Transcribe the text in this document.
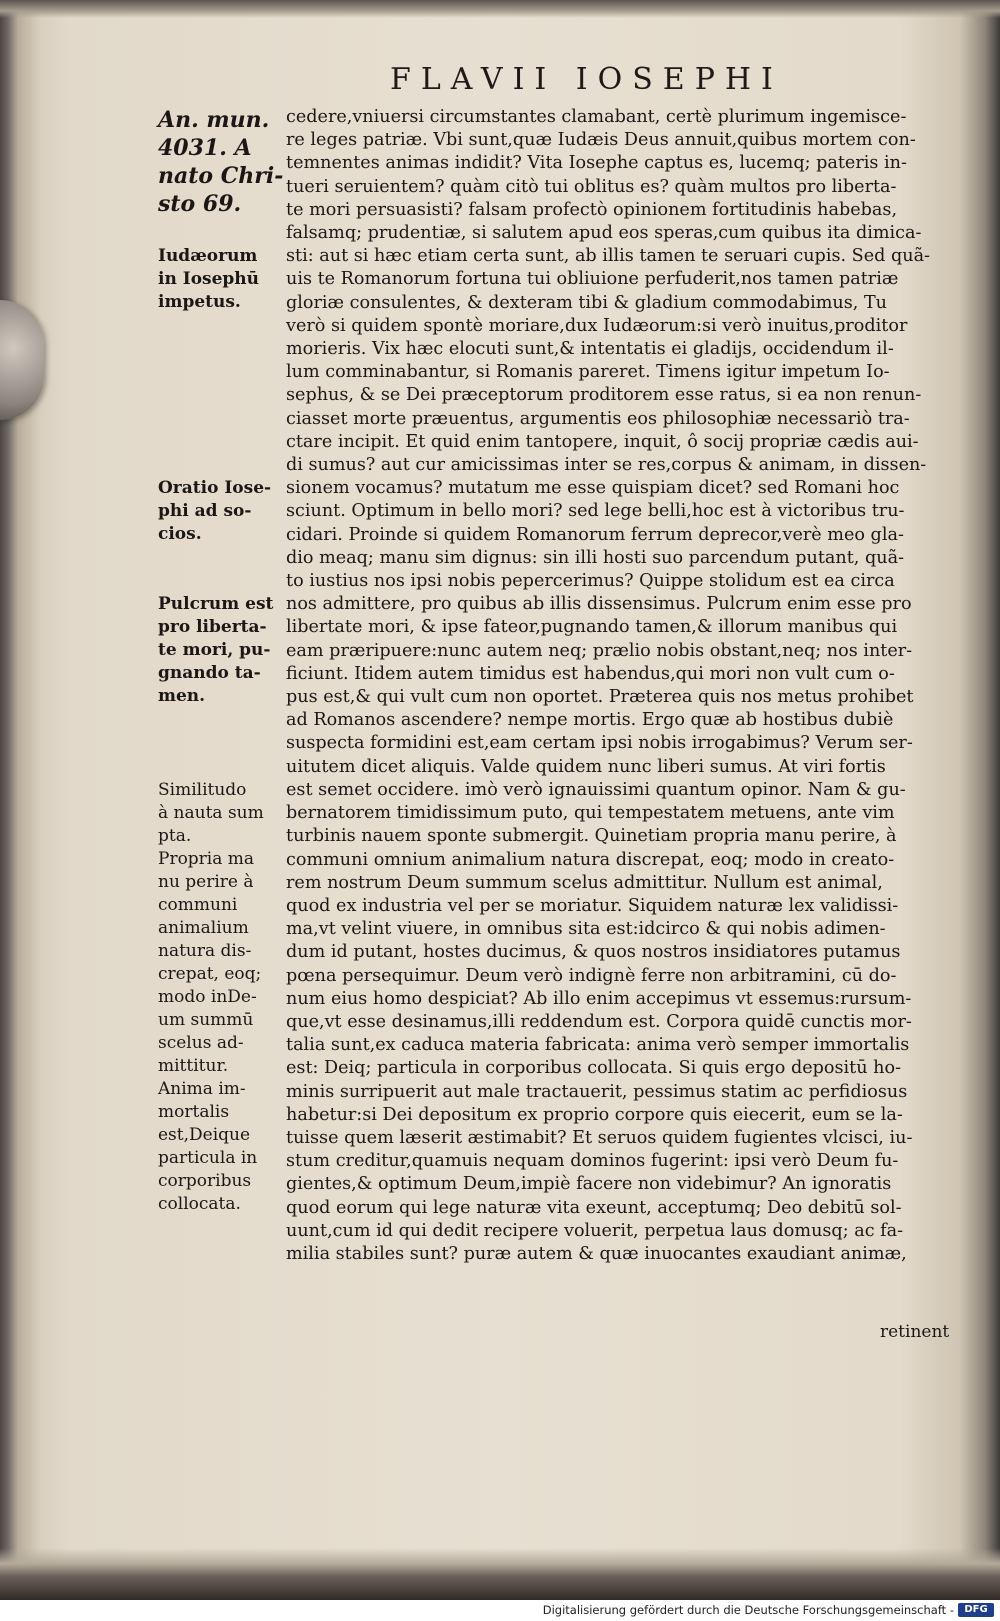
FLAVII IOSEPHI
An. mun.
4031. A
nato Chri-
sto 69.
Iudæorum
in Iosephū
impetus.
Oratio Iose-
phi ad so-
cios.
Pulcrum est
pro liberta-
te mori, pu-
gnando ta-
men.
Similitudo
à nauta sum
pta.
Propria ma
nu perire à
communi
animalium
natura dis-
crepat, eoq;
modo inDe-
um summū
scelus ad-
mittitur.
Anima im-
mortalis
est,Deique
particula in
corporibus
collocata.
cedere,vniuersi circumstantes clamabant, certè plurimum ingemisce-
re leges patriæ. Vbi sunt,quæ Iudæis Deus annuit,quibus mortem con-
temnentes animas indidit? Vita Iosephe captus es, lucemq; pateris in-
tueri seruientem? quàm citò tui oblitus es? quàm multos pro liberta-
te mori persuasisti? falsam profectò opinionem fortitudinis habebas,
falsamq; prudentiæ, si salutem apud eos speras,cum quibus ita dimica-
sti: aut si hæc etiam certa sunt, ab illis tamen te seruari cupis. Sed quã-
uis te Romanorum fortuna tui obliuione perfuderit,nos tamen patriæ
gloriæ consulentes, & dexteram tibi & gladium commodabimus, Tu
verò si quidem spontè moriare,dux Iudæorum:si verò inuitus,proditor
morieris. Vix hæc elocuti sunt,& intentatis ei gladijs, occidendum il-
lum comminabantur, si Romanis pareret. Timens igitur impetum Io-
sephus, & se Dei præceptorum proditorem esse ratus, si ea non renun-
ciasset morte præuentus, argumentis eos philosophiæ necessariò tra-
ctare incipit. Et quid enim tantopere, inquit, ô socij propriæ cædis aui-
di sumus? aut cur amicissimas inter se res,corpus & animam, in dissen-
sionem vocamus? mutatum me esse quispiam dicet? sed Romani hoc
sciunt. Optimum in bello mori? sed lege belli,hoc est à victoribus tru-
cidari. Proinde si quidem Romanorum ferrum deprecor,verè meo gla-
dio meaq; manu sim dignus: sin illi hosti suo parcendum putant, quã-
to iustius nos ipsi nobis pepercerimus? Quippe stolidum est ea circa
nos admittere, pro quibus ab illis dissensimus. Pulcrum enim esse pro
libertate mori, & ipse fateor,pugnando tamen,& illorum manibus qui
eam præripuere:nunc autem neq; prælio nobis obstant,neq; nos inter-
ficiunt. Itidem autem timidus est habendus,qui mori non vult cum o-
pus est,& qui vult cum non oportet. Præterea quis nos metus prohibet
ad Romanos ascendere? nempe mortis. Ergo quæ ab hostibus dubiè
suspecta formidini est,eam certam ipsi nobis irrogabimus? Verum ser-
uitutem dicet aliquis. Valde quidem nunc liberi sumus. At viri fortis
est semet occidere. imò verò ignauissimi quantum opinor. Nam & gu-
bernatorem timidissimum puto, qui tempestatem metuens, ante vim
turbinis nauem sponte submergit. Quinetiam propria manu perire, à
communi omnium animalium natura discrepat, eoq; modo in creato-
rem nostrum Deum summum scelus admittitur. Nullum est animal,
quod ex industria vel per se moriatur. Siquidem naturæ lex validissi-
ma,vt velint viuere, in omnibus sita est:idcirco & qui nobis adimen-
dum id putant, hostes ducimus, & quos nostros insidiatores putamus
pœna persequimur. Deum verò indignè ferre non arbitramini, cū do-
num eius homo despiciat? Ab illo enim accepimus vt essemus:rursum-
que,vt esse desinamus,illi reddendum est. Corpora quidē cunctis mor-
talia sunt,ex caduca materia fabricata: anima verò semper immortalis
est: Deiq; particula in corporibus collocata. Si quis ergo depositū ho-
minis surripuerit aut male tractauerit, pessimus statim ac perfidiosus
habetur:si Dei depositum ex proprio corpore quis eiecerit, eum se la-
tuisse quem læserit æstimabit? Et seruos quidem fugientes vlcisci, iu-
stum creditur,quamuis nequam dominos fugerint: ipsi verò Deum fu-
gientes,& optimum Deum,impiè facere non videbimur? An ignoratis
quod eorum qui lege naturæ vita exeunt, acceptumq; Deo debitū sol-
uunt,cum id qui dedit recipere voluerit, perpetua laus domusq; ac fa-
milia stabiles sunt? puræ autem & quæ inuocantes exaudiant animæ,
retinent
Digitalisierung gefördert durch die Deutsche Forschungsgemeinschaft -	DFG
